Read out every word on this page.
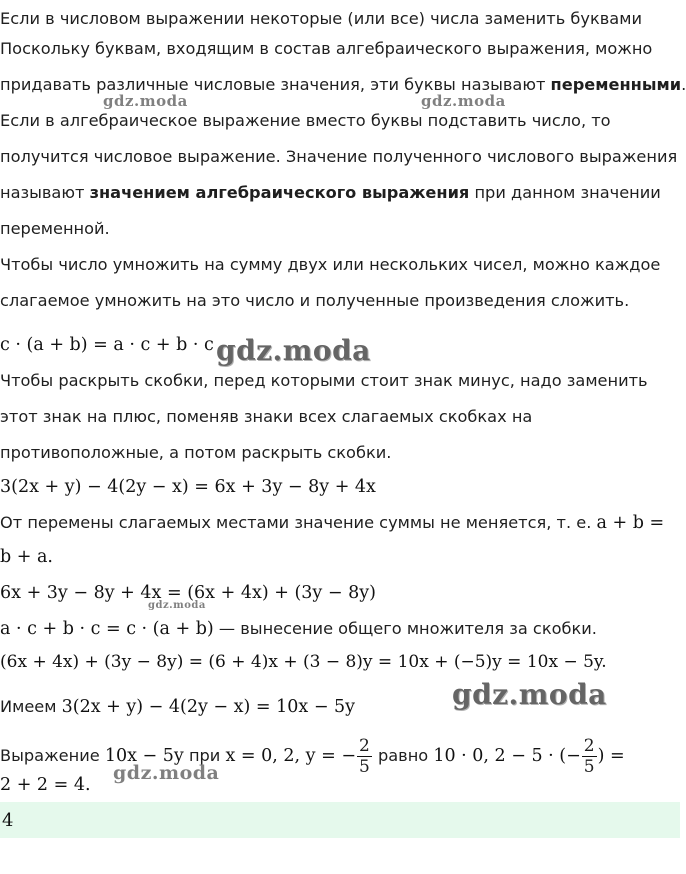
Если в числовом выражении некоторые (или все) числа заменить буквами
Поскольку буквам, входящим в состав алгебраического выражения, можно
придавать различные числовые значения, эти буквы называют переменными.
Если в алгебраическое выражение вместо буквы подставить число, то
получится числовое выражение. Значение полученного числового выражения
называют значением алгебраического выражения при данном значении
переменной.
Чтобы число умножить на сумму двух или нескольких чисел, можно каждое
слагаемое умножить на это число и полученные произведения сложить.
c · (a + b) = a · c + b · c
Чтобы раскрыть скобки, перед которыми стоит знак минус, надо заменить
этот знак на плюс, поменяв знаки всех слагаемых скобках на
противоположные, а потом раскрыть скобки.
3(2x + y) − 4(2y − x) = 6x + 3y − 8y + 4x
От перемены слагаемых местами значение суммы не меняется, т. е. a + b =
b + a.
6x + 3y − 8y + 4x = (6x + 4x) + (3y − 8y)
a · c + b · c = c · (a + b) — вынесение общего множителя за скобки.
(6x + 4x) + (3y − 8y) = (6 + 4)x + (3 − 8)y = 10x + (−5)y = 10x − 5y.
Имеем 3(2x + y) − 4(2y − x) = 10x − 5y
Выражение 10x − 5y при x = 0, 2, y = − $\frac{2}{5}$ равно 10 · 0, 2 − 5 · (− $\frac{2}{5}$ ) =
2 + 2 = 4.
4
gdz.moda	gdz.moda
gdz.moda
gdz.moda
gdz.moda
gdz.moda
